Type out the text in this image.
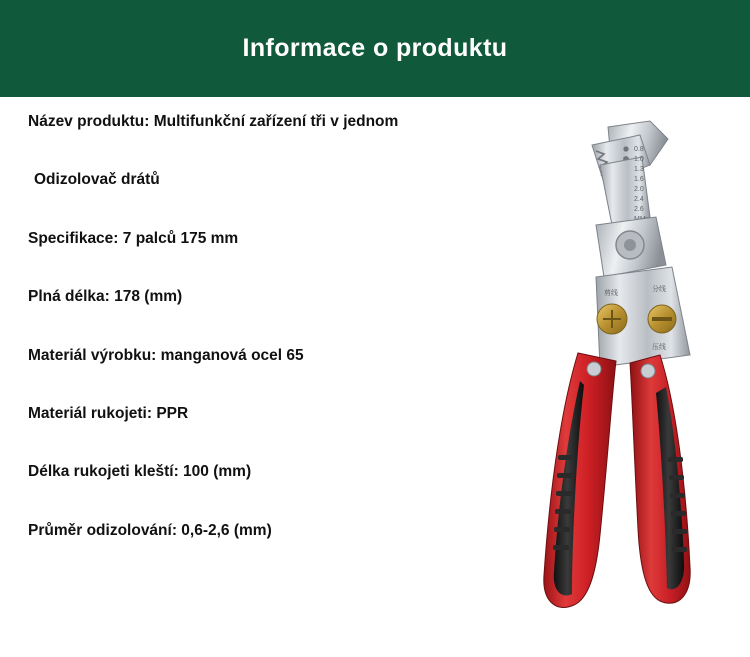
Informace o produktu
Název produktu: Multifunkční zařízení tři v jednom
Odizolovač drátů
Specifikace: 7 palců 175 mm
Plná délka: 178 (mm)
Materiál výrobku: manganová ocel 65
Materiál rukojeti: PPR
Délka rukojeti kleští: 100 (mm)
Průměr odizolování: 0,6-2,6 (mm)
0.8
1.0
1.3
1.6
2.0
2.4
2.6
剪线
分线
压线
